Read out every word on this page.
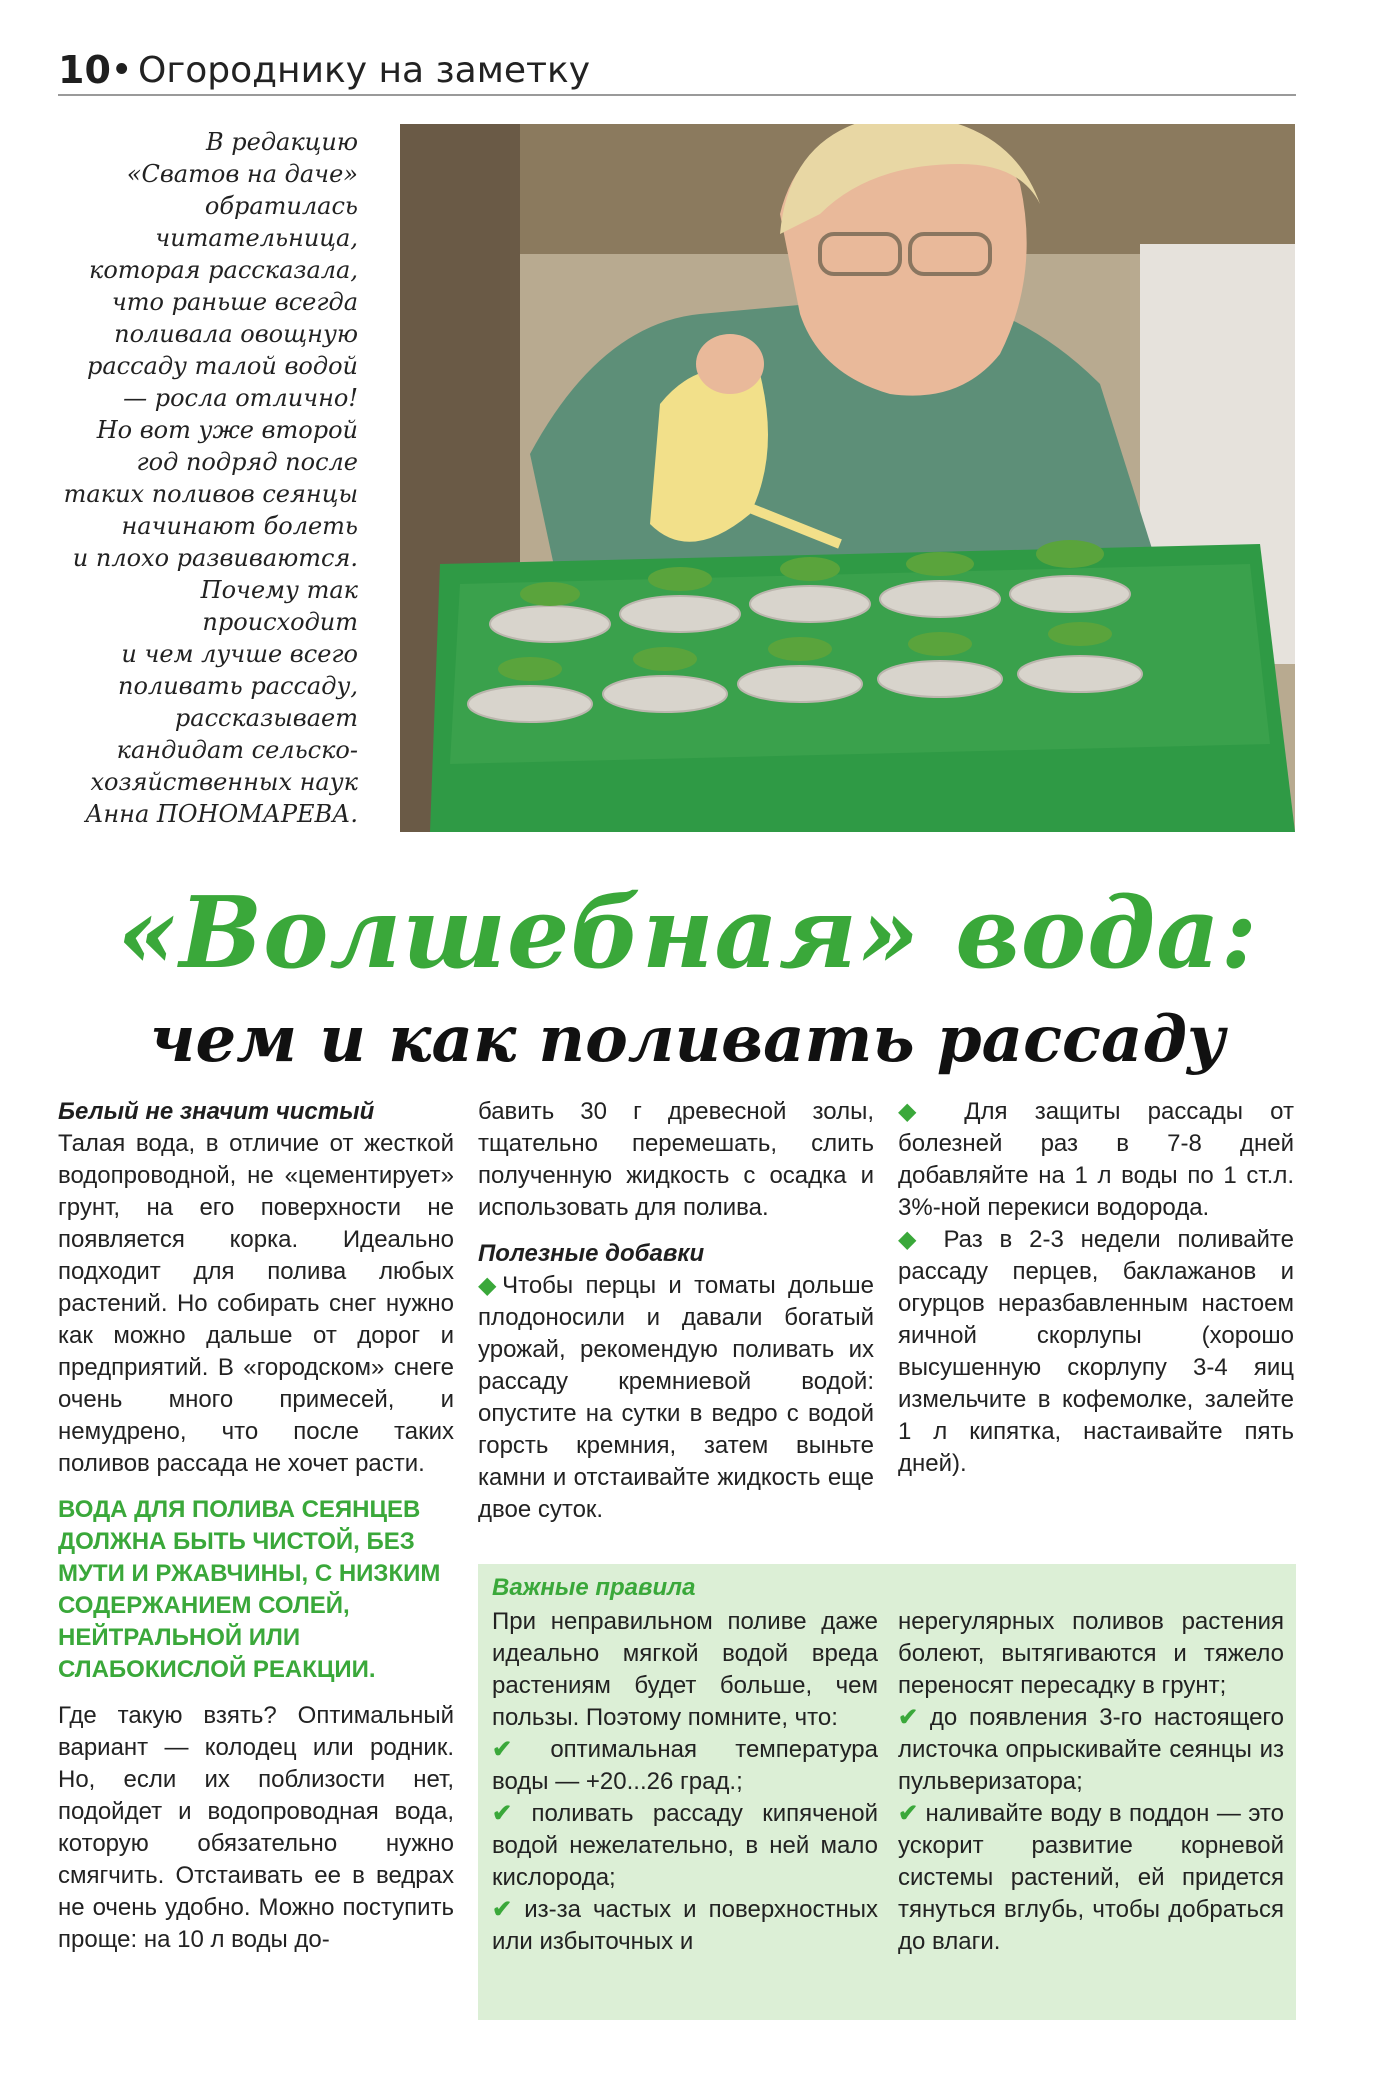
10 • Огороднику на заметку
В редакцию
«Сватов на даче»
обратилась
читательница,
которая рассказала,
что раньше всегда
поливала овощную
рассаду талой водой
— росла отлично!
Но вот уже второй
год подряд после
таких поливов сеянцы
начинают болеть
и плохо развиваются.
Почему так
происходит
и чем лучше всего
поливать рассаду,
рассказывает
кандидат сельско-
хозяйственных наук
Анна ПОНОМАРЕВА.
«Волшебная» вода:
чем и как поливать рассаду
Белый не значит чистый

Талая вода, в отличие от жесткой водопроводной, не «цементирует» грунт, на его поверхности не появляется корка. Идеально подходит для полива любых растений. Но собирать снег нужно как можно дальше от дорог и предприятий. В «городском» снеге очень много примесей, и немудрено, что после таких поливов рассада не хочет расти.

ВОДА ДЛЯ ПОЛИВА СЕЯНЦЕВ ДОЛЖНА БЫТЬ ЧИСТОЙ, БЕЗ МУТИ И РЖАВЧИНЫ, С НИЗКИМ СОДЕРЖАНИЕМ СОЛЕЙ, НЕЙТРАЛЬНОЙ ИЛИ СЛАБОКИСЛОЙ РЕАКЦИИ.

Где такую взять? Оптимальный вариант — колодец или родник. Но, если их поблизости нет, подойдет и водопроводная вода, которую обязательно нужно смягчить. Отстаивать ее в ведрах не очень удобно. Можно поступить проще: на 10 л воды до-

бавить 30 г древесной золы, тщательно перемешать, слить полученную жидкость с осадка и использовать для полива.

Полезные добавки

◆Чтобы перцы и томаты дольше плодоносили и давали богатый урожай, рекомендую поливать их рассаду кремниевой водой: опустите на сутки в ведро с водой горсть кремния, затем выньте камни и отстаивайте жидкость еще двое суток.

◆ Для защиты рассады от болезней раз в 7-8 дней добавляйте на 1 л воды по 1 ст.л. 3%-ной перекиси водорода.

◆ Раз в 2-3 недели поливайте рассаду перцев, баклажанов и огурцов неразбавленным настоем яичной скорлупы (хорошо высушенную скорлупу 3-4 яиц измельчите в кофемолке, залейте 1 л кипятка, настаивайте пять дней).

Важные правила
При неправильном поливе даже идеально мягкой водой вреда растениям будет больше, чем пользы. Поэтому помните, что:
✔ оптимальная температура воды — +20...26 град.;
✔ поливать рассаду кипяченой водой нежелательно, в ней мало кислорода;
✔ из-за частых и поверхностных или избыточных и
нерегулярных поливов растения болеют, вытягиваются и тяжело переносят пересадку в грунт;
✔ до появления 3-го настоящего листочка опрыскивайте сеянцы из пульверизатора;
✔ наливайте воду в поддон — это ускорит развитие корневой системы растений, ей придется тянуться вглубь, чтобы добраться до влаги.
